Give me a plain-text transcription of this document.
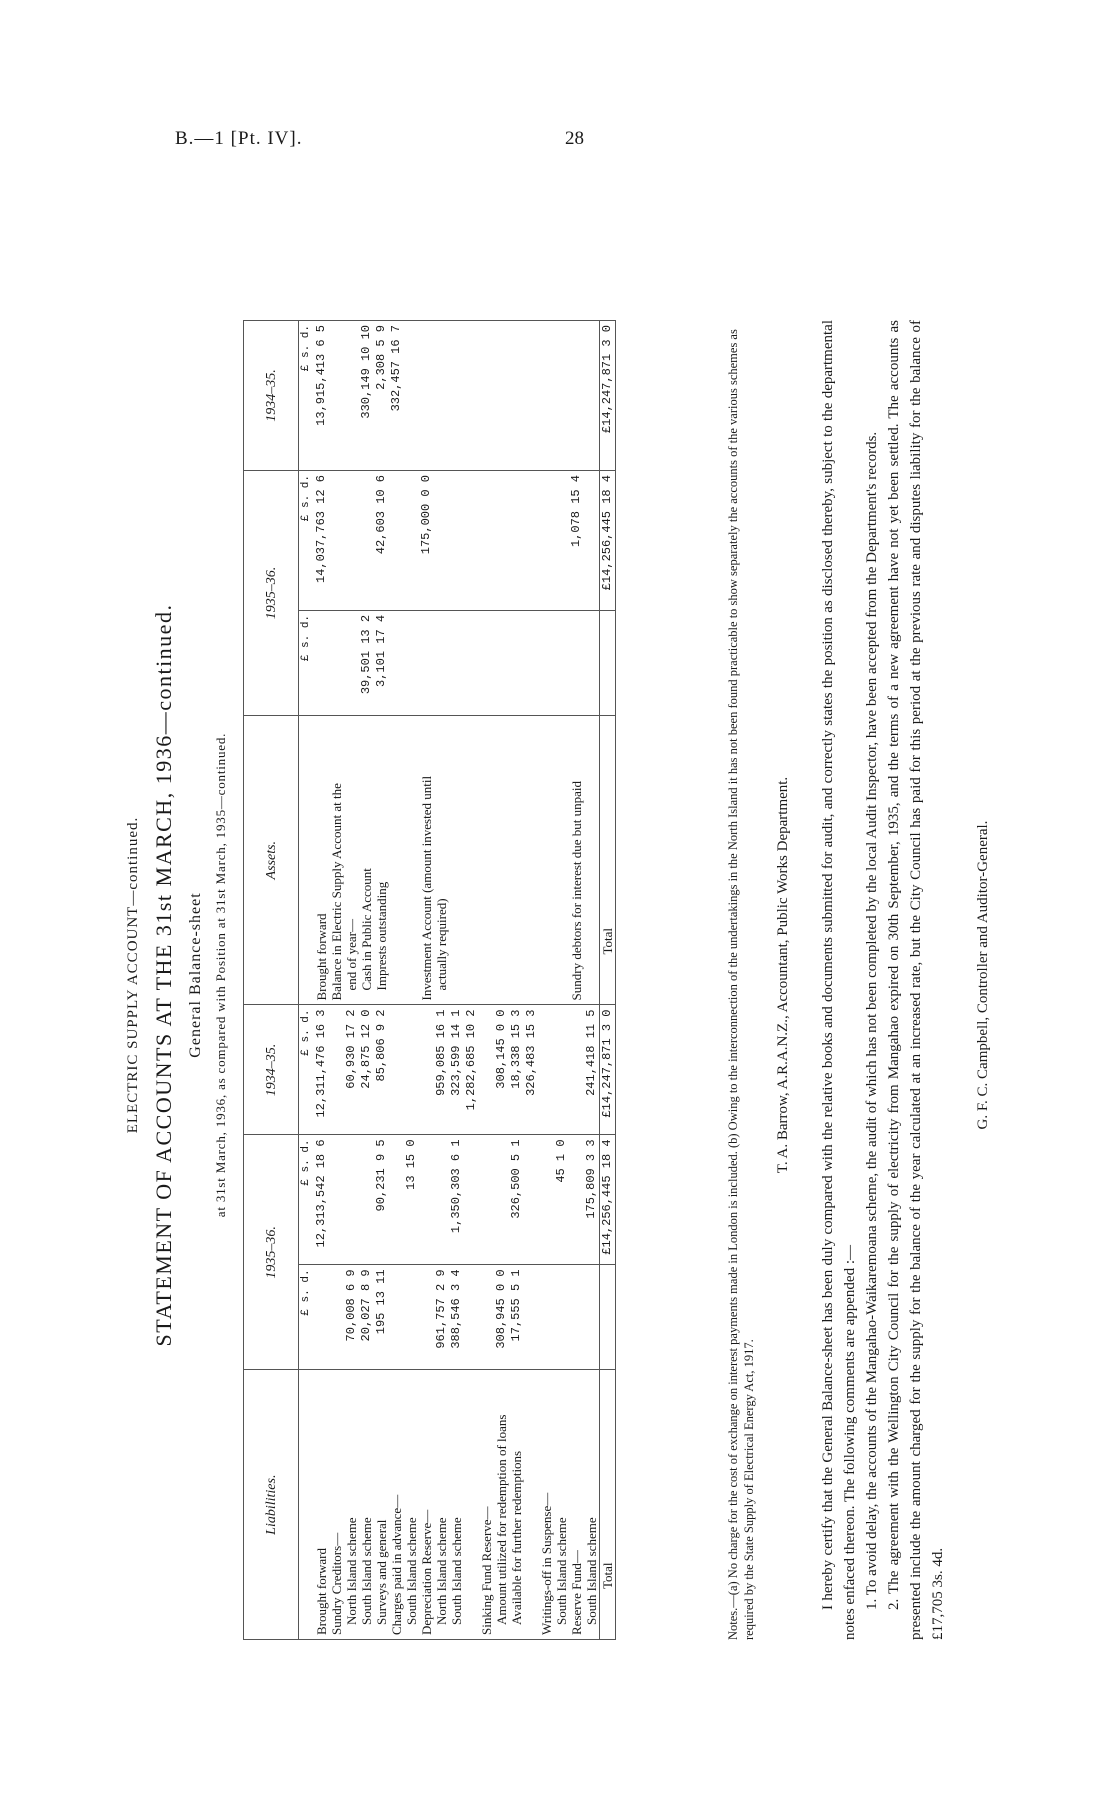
B.—1 [Pt. IV].	28
ELECTRIC SUPPLY ACCOUNT—continued. STATEMENT OF ACCOUNTS AT THE 31st MARCH, 1936—continued. General Balance-sheet at 31st March, 1936, as compared with Position at 31st March, 1935—continued.
Liabilities.	1935–36.		1934–35.	Assets.	1935–36.		1934–35.
	£ s. d.	£ s. d.	£ s. d.		£ s. d.	£ s. d.	£ s. d.
Brought forward		12,313,542 18 6	12,311,476 16 3	Brought forward		14,037,763 12 6	13,915,413 6 5
Sundry Creditors—				Balance in Electric Supply Account at the			
North Island scheme	70,008 6 9		60,930 17 2	end of year—			
South Island scheme	20,027 8 9		24,875 12 0	Cash in Public Account	39,501 13 2		330,149 10 10
Surveys and general	195 13 11	90,231 9 5	85,806 9 2	Imprests outstanding	3,101 17 4	42,603 10 6	2,308 5 9
Charges paid in advance—							332,457 16 7
South Island scheme		13 15 0					
Depreciation Reserve—				Investment Account (amount invested until		175,000 0 0	
North Island scheme	961,757 2 9		959,085 16 1	actually required)			
South Island scheme	388,546 3 4	1,350,303 6 1	323,599 14 1				
			1,282,685 10 2				
Sinking Fund Reserve—							
Amount utilized for redemption of loans	308,945 0 0		308,145 0 0				
Available for further redemptions	17,555 5 1	326,500 5 1	18,338 15 3				
			326,483 15 3				
Writings-off in Suspense—							
South Island scheme		45 1 0					
Reserve Fund—				Sundry debtors for interest due but unpaid		1,078 15 4	
South Island scheme		175,809 3 3	241,418 11 5				
Total		£14,256,445 18 4	£14,247,871 3 0	Total		£14,256,445 18 4	£14,247,871 3 0	Notes.—(a) No charge for the cost of exchange on interest payments made in London is included. (b) Owing to the interconnection of the undertakings in the North Island it has not been found practicable to show separately the accounts of the various schemes as required by the State Supply of Electrical Energy Act, 1917.
T. A. Barrow, A.R.A.N.Z., Accountant, Public Works Department. I hereby certify that the General Balance-sheet has been duly compared with the relative books and documents submitted for audit, and correctly states the position as disclosed thereby, subject to the departmental notes enfaced thereon. The following comments are appended :— 1. To avoid delay, the accounts of the Mangahao-Waikaremoana scheme, the audit of which has not been completed by the local Audit Inspector, have been accepted from the Department's records. 2. The agreement with the Wellington City Council for the supply of electricity from Mangahao expired on 30th September, 1935, and the terms of a new agreement have not yet been settled. The accounts as presented include the amount charged for the supply for the balance of the year calculated at an increased rate, but the City Council has paid for this period at the previous rate and disputes liability for the balance of £17,705 3s. 4d.

G. F. C. Campbell, Controller and Auditor-General.
